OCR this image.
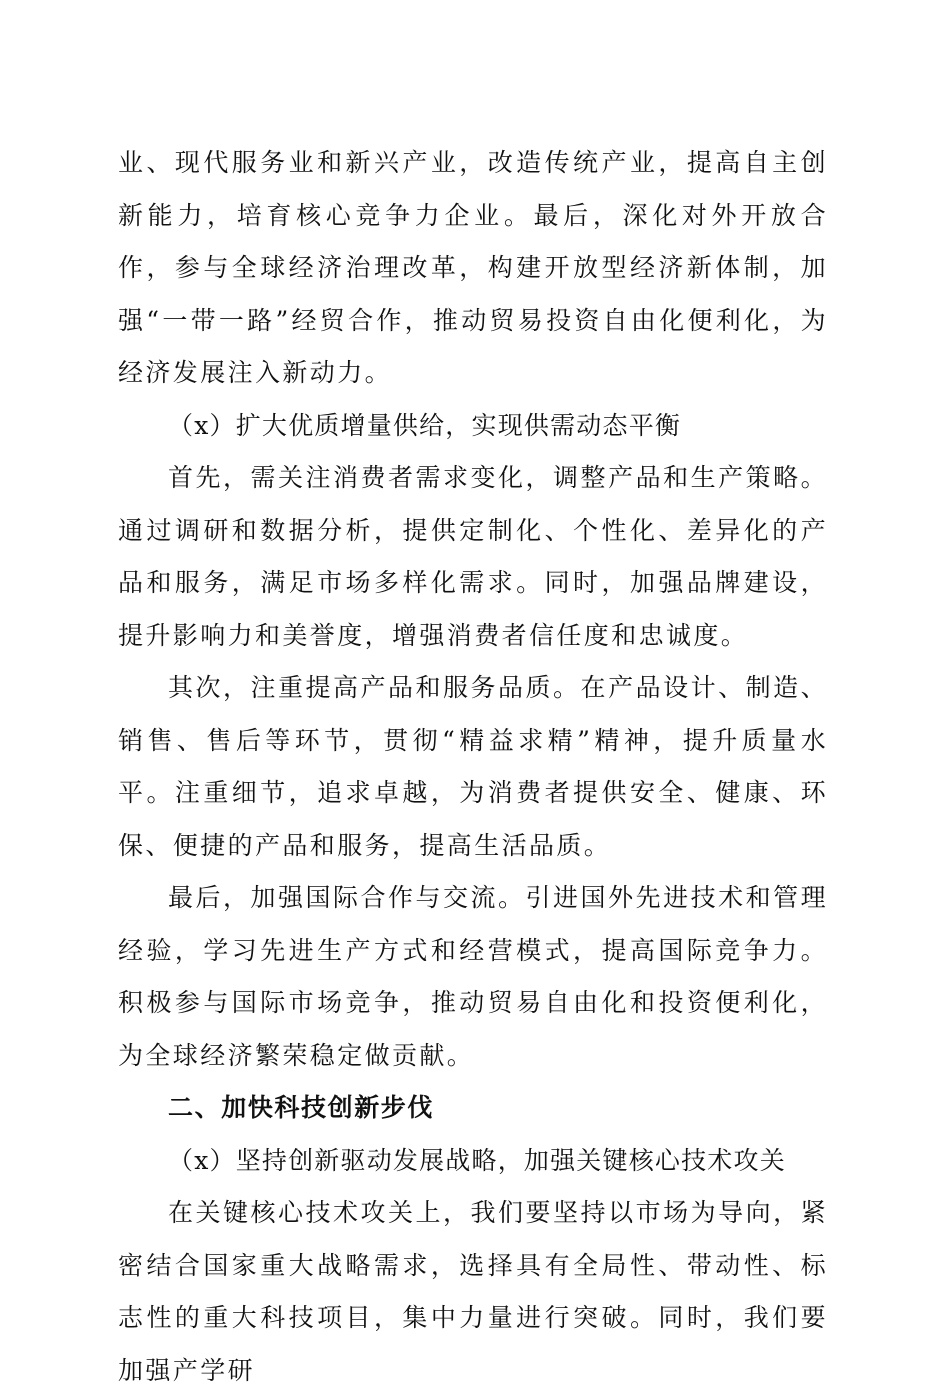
业、现代服务业和新兴产业，改造传统产业，提高自主创新能力，培育核心竞争力企业。最后，深化对外开放合作，参与全球经济治理改革，构建开放型经济新体制，加强“一带一路”经贸合作，推动贸易投资自由化便利化，为经济发展注入新动力。

（x）扩大优质增量供给，实现供需动态平衡

首先，需关注消费者需求变化，调整产品和生产策略。通过调研和数据分析，提供定制化、个性化、差异化的产品和服务，满足市场多样化需求。同时，加强品牌建设，提升影响力和美誉度，增强消费者信任度和忠诚度。

其次，注重提高产品和服务品质。在产品设计、制造、销售、售后等环节，贯彻“精益求精”精神，提升质量水平。注重细节，追求卓越，为消费者提供安全、健康、环保、便捷的产品和服务，提高生活品质。

最后，加强国际合作与交流。引进国外先进技术和管理经验，学习先进生产方式和经营模式，提高国际竞争力。积极参与国际市场竞争，推动贸易自由化和投资便利化，为全球经济繁荣稳定做贡献。

二、加快科技创新步伐

（x）坚持创新驱动发展战略，加强关键核心技术攻关

在关键核心技术攻关上，我们要坚持以市场为导向，紧密结合国家重大战略需求，选择具有全局性、带动性、标志性的重大科技项目，集中力量进行突破。同时，我们要加强产学研
